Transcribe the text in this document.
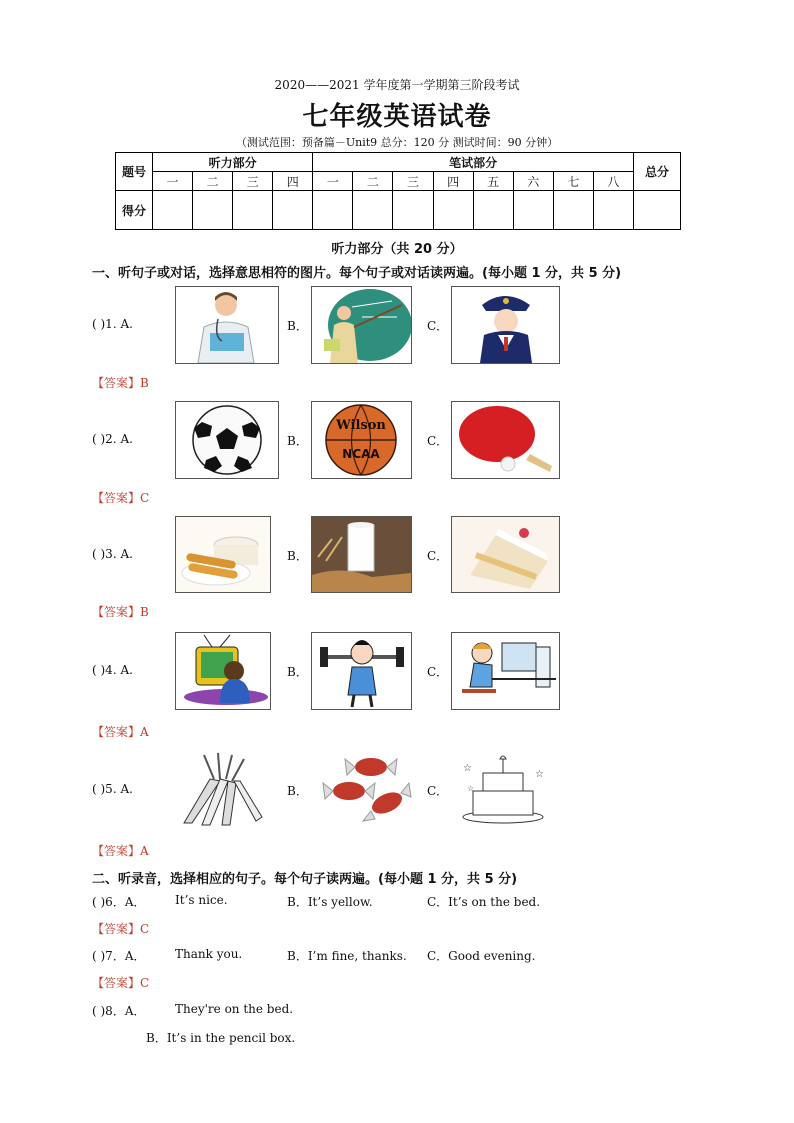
2020——2021 学年度第一学期第三阶段考试
七年级英语试卷
（测试范围：预备篇－Unit9 总分：120 分 测试时间：90 分钟）
题号	听力部分				笔试部分								总分
	一	二	三	四	一	二	三	四	五	六	七	八	
得分													
听力部分（共 20 分）
一、听句子或对话，选择意思相符的图片。每个句子或对话读两遍。(每小题 1 分，共 5 分)
( )1. A.	B．	C．
【答案】B
( )2. A.	B．
Wilson
NCAA
C．
【答案】C
( )3. A.	B．	C．
【答案】B
( )4. A.	B．	C．
【答案】A
( )5. A.	B．	C．
☆
☆
☆
【答案】A
二、听录音，选择相应的句子。每个句子读两遍。(每小题 1 分，共 5 分)
( )6．A． It’s nice.	B．It’s yellow.	C．It’s on the bed.
【答案】C
( )7．A． Thank you.	B．I’m fine, thanks. C．Good evening.
【答案】C
( )8．A． They're on the bed.
B．It’s in the pencil box.
